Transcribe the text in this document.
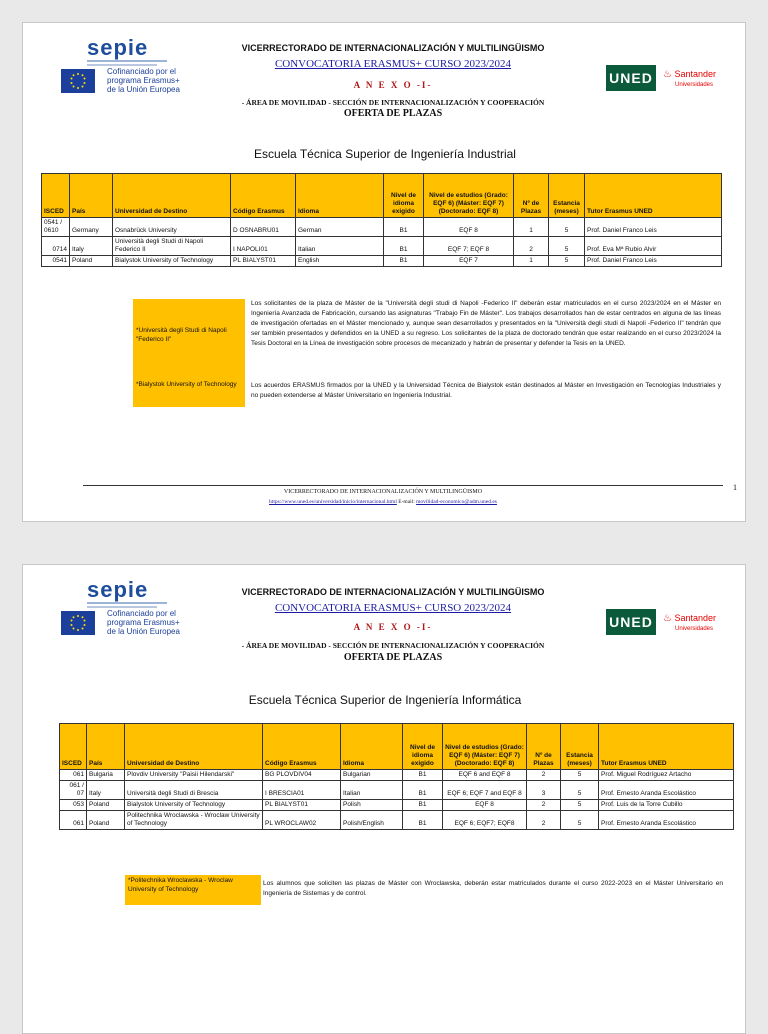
sepie
Cofinanciado por el
programa Erasmus+
de la Unión Europea
VICERRECTORADO DE INTERNACIONALIZACIÓN Y MULTILINGÜISMO
CONVOCATORIA ERASMUS+ CURSO 2023/2024
A N E X O -I-
- ÁREA DE MOVILIDAD - SECCIÓN DE INTERNACIONALIZACIÓN Y COOPERACIÓN
OFERTA DE PLAZAS
UNED	♨ Santander
Universidades
Escuela Técnica Superior de Ingeniería Industrial
ISCED	País	Universidad de Destino	Código Erasmus	Idioma	Nivel de idioma exigido	Nivel de estudios (Grado: EQF 6) (Máster: EQF 7) (Doctorado: EQF 8)	Nº de Plazas	Estancia (meses)	Tutor Erasmus UNED
0541 / 0610	Germany	Osnabrück University	D OSNABRU01	German	B1	EQF 8	1	5	Prof. Daniel Franco Leis
0714	Italy	Università degli Studi di Napoli Federico II	I NAPOLI01	Italian	B1	EQF 7; EQF 8	2	5	Prof. Eva Mª Rubio Alvir
0541	Poland	Bialystok University of Technology	PL BIALYST01	English	B1	EQF 7	1	5	Prof. Daniel Franco Leis
*Università degli Studi di Napoli "Federico II"
Los solicitantes de la plaza de Máster de la "Università degli studi di Napoli -Federico II" deberán estar matriculados en el curso 2023/2024 en el Máster en Ingeniería Avanzada de Fabricación, cursando las asignaturas "Trabajo Fin de Máster". Los trabajos desarrollados han de estar centrados en alguna de las líneas de investigación ofertadas en el Máster mencionado y, aunque sean desarrollados y presentados en la "Università degli studi di Napoli -Federico II" tendrán que ser también presentados y defendidos en la UNED a su regreso. Los solicitantes de la plaza de doctorado tendrán que estar realizando en el curso 2023/2024 la Tesis Doctoral en la Línea de investigación sobre procesos de mecanizado y habrán de presentar y defender la Tesis en la UNED.
*Bialystok University of Technology	Los acuerdos ERASMUS firmados por la UNED y la Universidad Técnica de Bialystok están destinados al Máster en Investigación en Tecnologías Industriales y no pueden extenderse al Máster Universitario en Ingeniería Industrial.
VICERRECTORADO DE INTERNACIONALIZACIÓN Y MULTILINGÜISMO
https://www.uned.es/universidad/inicio/internacional.html E-mail: movilidad-economico@adm.uned.es
1
sepie
Cofinanciado por el
programa Erasmus+
de la Unión Europea
VICERRECTORADO DE INTERNACIONALIZACIÓN Y MULTILINGÜISMO
CONVOCATORIA ERASMUS+ CURSO 2023/2024
A N E X O -I-
- ÁREA DE MOVILIDAD - SECCIÓN DE INTERNACIONALIZACIÓN Y COOPERACIÓN
OFERTA DE PLAZAS
UNED	♨ Santander
Universidades
Escuela Técnica Superior de Ingeniería Informática
ISCED	País	Universidad de Destino	Código Erasmus	Idioma	Nivel de idioma exigido	Nivel de estudios (Grado: EQF 6) (Máster: EQF 7) (Doctorado: EQF 8)	Nº de Plazas	Estancia (meses)	Tutor Erasmus UNED
061	Bulgaria	Plovdiv University "Paisii Hilendarski"	BG PLOVDIV04	Bulgarian	B1	EQF 6 and EQF 8	2	5	Prof. Miguel Rodríguez Artacho
061 / 07	Italy	Università degli Studi di Brescia	I BRESCIA01	Italian	B1	EQF 6; EQF 7 and EQF 8	3	5	Prof. Ernesto Aranda Escolástico
053	Poland	Bialystok University of Technology	PL BIALYST01	Polish	B1	EQF 8	2	5	Prof. Luis de la Torre Cubillo
061	Poland	Politechnika Wroclawska - Wroclaw University of Technology	PL WROCLAW02	Polish/English	B1	EQF 6; EQF7; EQF8	2	5	Prof. Ernesto Aranda Escolástico
*Politechnika Wroclawska - Wroclaw University of Technology
Los alumnos que soliciten las plazas de Máster con Wroclawska, deberán estar matriculados durante el curso 2022-2023 en el Máster Universitario en Ingeniería de Sistemas y de control.
